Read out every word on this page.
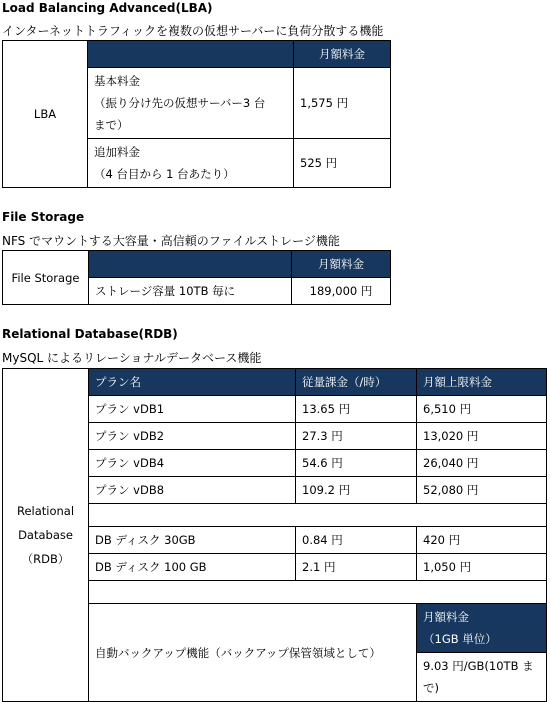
Load Balancing Advanced(LBA)
インターネットトラフィックを複数の仮想サーバーに負荷分散する機能
LBA		月額料金

	基本料金
（振り分け先の仮想サーバー3 台
まで）	1,575 円

	追加料金
（4 台目から 1 台あたり）	525 円
File Storage
NFS でマウントする大容量・高信頼のファイルストレージ機能
File Storage		月額料金
	ストレージ容量 10TB 毎に	189,000 円
Relational Database(RDB)
MySQL によるリレーショナルデータベース機能
Relational
Database
（RDB）	プラン名	従量課金（/時）	月額上限料金
	プラン vDB1	13.65 円	6,510 円
	プラン vDB2	27.3 円	13,020 円
	プラン vDB4	54.6 円	26,040 円
	プラン vDB8	109.2 円	52,080 円

	DB ディスク 30GB	0.84 円	420 円
	DB ディスク 100 GB	2.1 円	1,050 円

	自動バックアップ機能（バックアップ保管領域として）		月額料金
（1GB 単位）

			9.03 円/GB(10TB ま
で)
